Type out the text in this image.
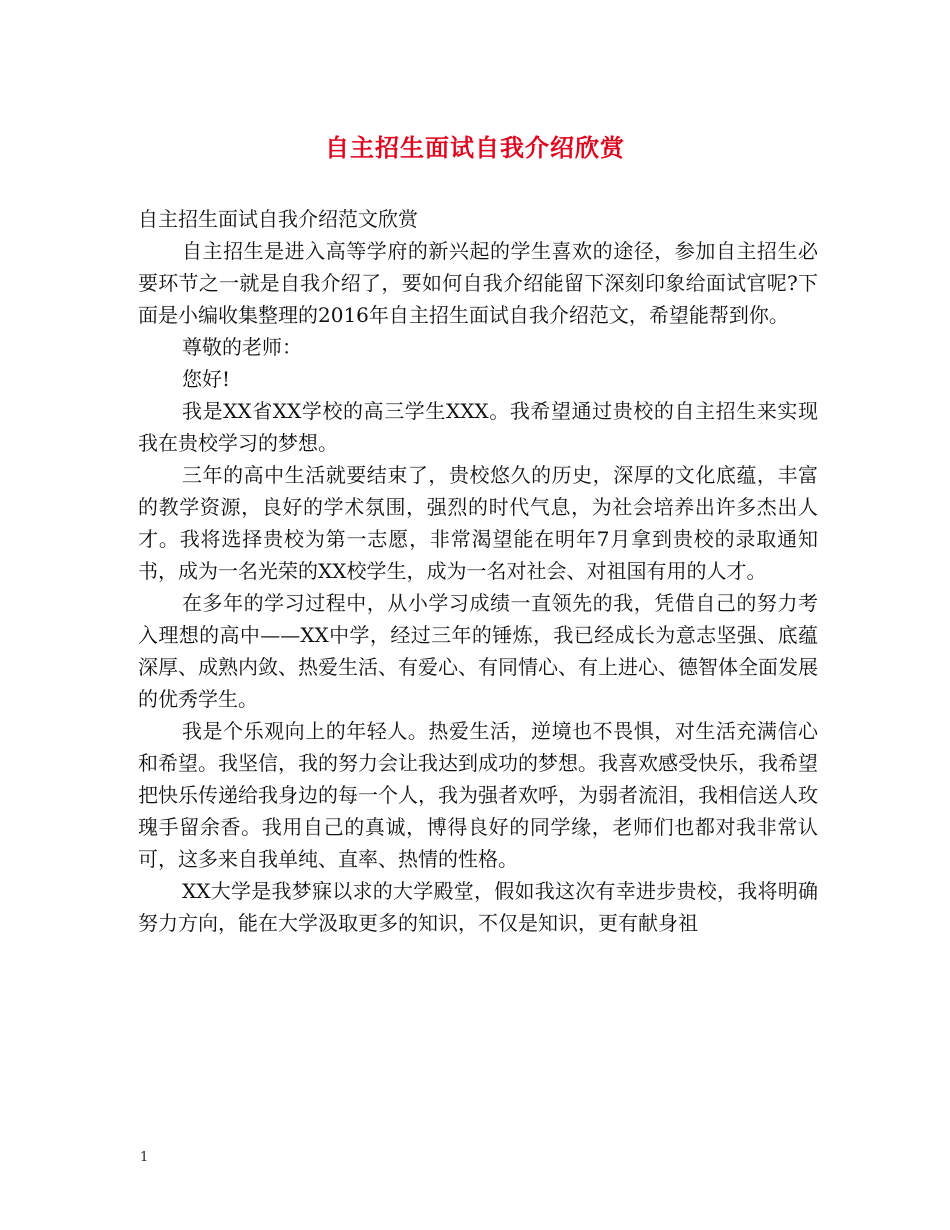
自主招生面试自我介绍欣赏

自主招生面试自我介绍范文欣赏

自主招生是进入高等学府的新兴起的学生喜欢的途径，参加自主招生必要环节之一就是自我介绍了，要如何自我介绍能留下深刻印象给面试官呢?下面是小编收集整理的2016年自主招生面试自我介绍范文，希望能帮到你。

尊敬的老师：

您好!

我是XX省XX学校的高三学生XXX。我希望通过贵校的自主招生来实现我在贵校学习的梦想。

三年的高中生活就要结束了，贵校悠久的历史，深厚的文化底蕴，丰富的教学资源，良好的学术氛围，强烈的时代气息，为社会培养出许多杰出人才。我将选择贵校为第一志愿，非常渴望能在明年7月拿到贵校的录取通知书，成为一名光荣的XX校学生，成为一名对社会、对祖国有用的人才。

在多年的学习过程中，从小学习成绩一直领先的我，凭借自己的努力考入理想的高中——XX中学，经过三年的锤炼，我已经成长为意志坚强、底蕴深厚、成熟内敛、热爱生活、有爱心、有同情心、有上进心、德智体全面发展的优秀学生。

我是个乐观向上的年轻人。热爱生活，逆境也不畏惧，对生活充满信心和希望。我坚信，我的努力会让我达到成功的梦想。我喜欢感受快乐，我希望把快乐传递给我身边的每一个人，我为强者欢呼，为弱者流泪，我相信送人玫瑰手留余香。我用自己的真诚，博得良好的同学缘，老师们也都对我非常认可，这多来自我单纯、直率、热情的性格。

XX大学是我梦寐以求的大学殿堂，假如我这次有幸进步贵校，我将明确努力方向，能在大学汲取更多的知识，不仅是知识，更有献身祖

1
